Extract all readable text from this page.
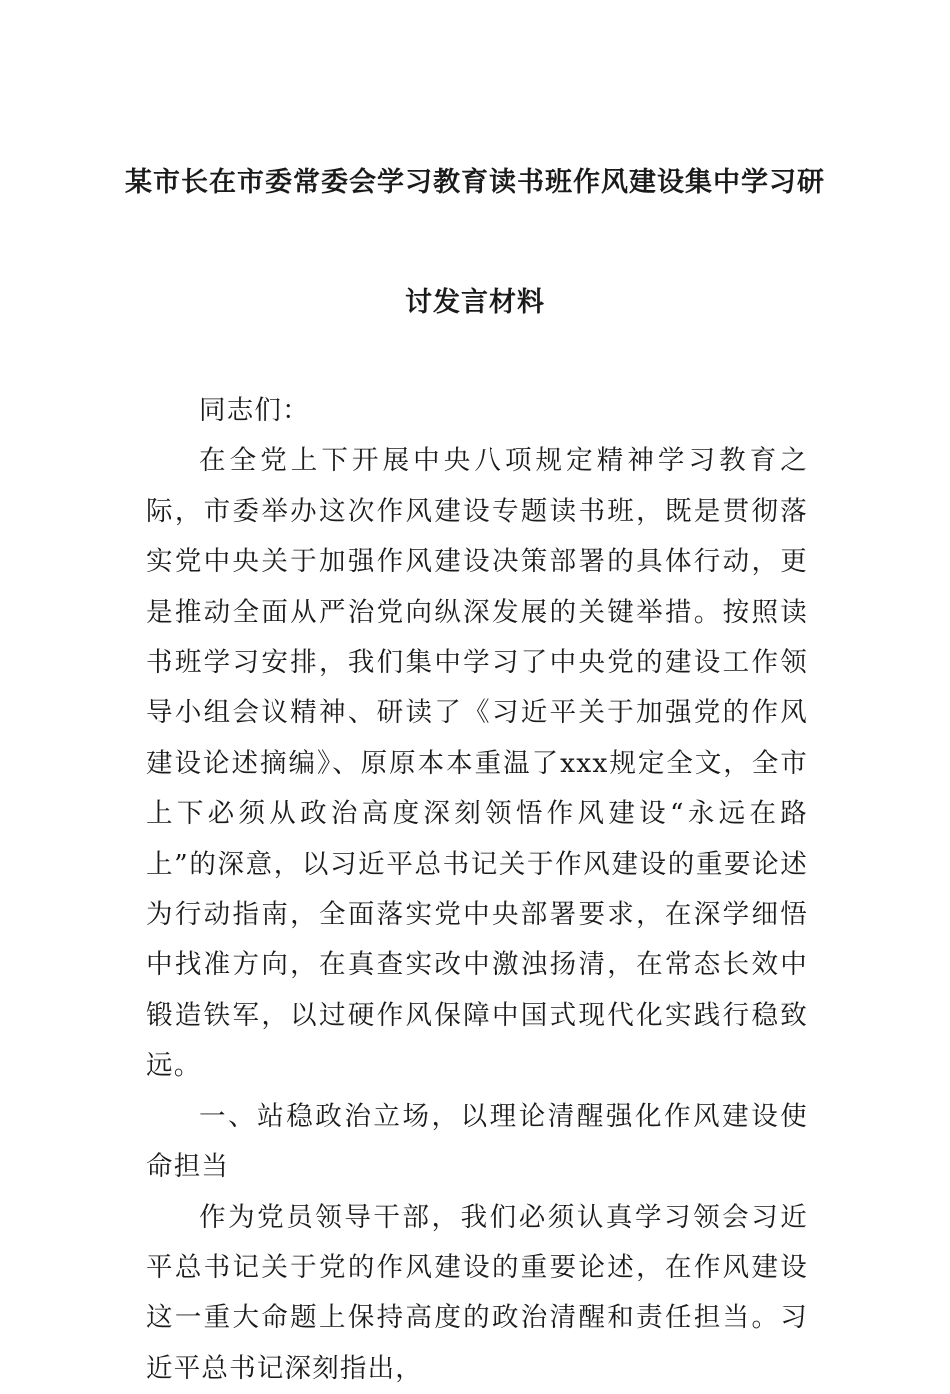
某市长在市委常委会学习教育读书班作风建设集中学习研
讨发言材料

同志们：

在全党上下开展中央八项规定精神学习教育之际，市委举办这次作风建设专题读书班，既是贯彻落实党中央关于加强作风建设决策部署的具体行动，更是推动全面从严治党向纵深发展的关键举措。按照读书班学习安排，我们集中学习了中央党的建设工作领导小组会议精神、研读了《习近平关于加强党的作风建设论述摘编》、原原本本重温了xxx规定全文，全市上下必须从政治高度深刻领悟作风建设“永远在路上”的深意，以习近平总书记关于作风建设的重要论述为行动指南，全面落实党中央部署要求，在深学细悟中找准方向，在真查实改中激浊扬清，在常态长效中锻造铁军，以过硬作风保障中国式现代化实践行稳致远。

一、站稳政治立场，以理论清醒强化作风建设使命担当

作为党员领导干部，我们必须认真学习领会习近平总书记关于党的作风建设的重要论述，在作风建设这一重大命题上保持高度的政治清醒和责任担当。习近平总书记深刻指出，
